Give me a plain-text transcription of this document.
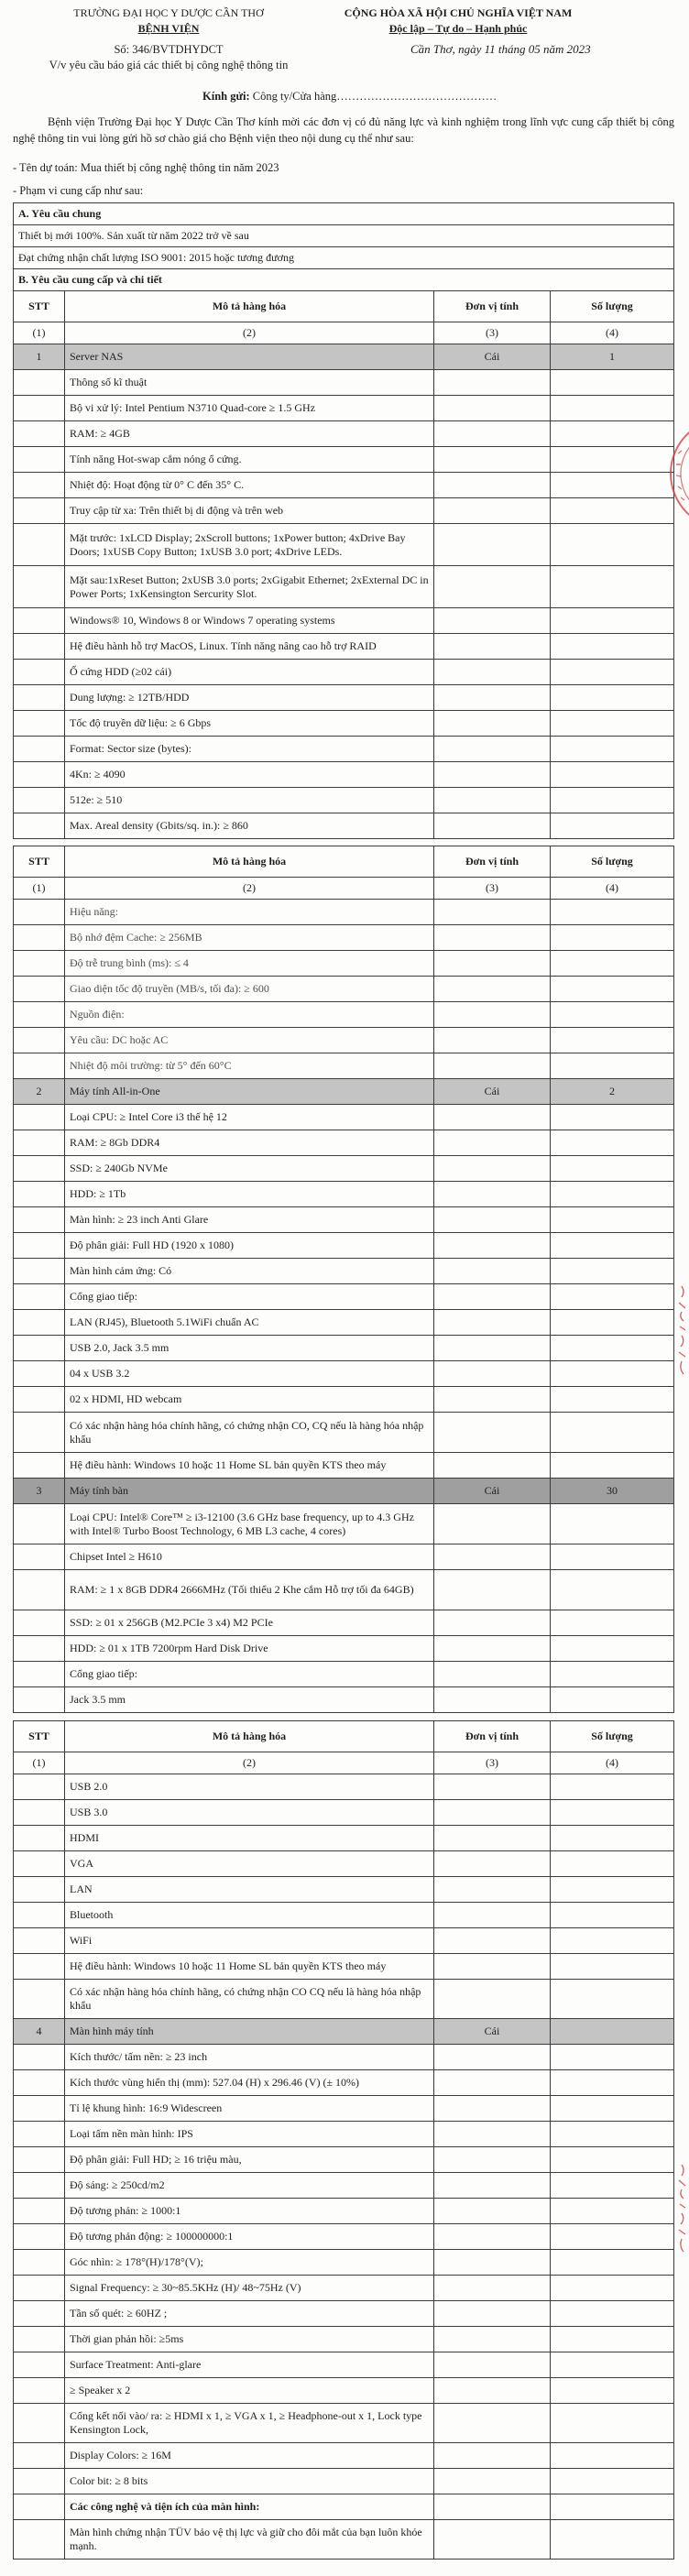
TRƯỜNG ĐẠI HỌC Y DƯỢC CẦN THƠ
BỆNH VIỆN
Số: 346/BVTDHYDCT
V/v yêu cầu báo giá các thiết bị công nghệ thông tin
CỘNG HÒA XÃ HỘI CHỦ NGHĨA VIỆT NAM
Độc lập – Tự do – Hạnh phúc
Cần Thơ, ngày 11 tháng 05 năm 2023
Kính gửi: Công ty/Cửa hàng……………………………………

Bệnh viện Trường Đại học Y Dược Cần Thơ kính mời các đơn vị có đủ năng lực và kinh nghiệm trong lĩnh vực cung cấp thiết bị công nghệ thông tin vui lòng gửi hồ sơ chào giá cho Bệnh viện theo nội dung cụ thể như sau:

- Tên dự toán: Mua thiết bị công nghệ thông tin năm 2023
- Phạm vi cung cấp như sau:
A. Yêu cầu chung
Thiết bị mới 100%. Sản xuất từ năm 2022 trở về sau
Đạt chứng nhận chất lượng ISO 9001: 2015 hoặc tương đương
B. Yêu cầu cung cấp và chi tiết
STT	Mô tả hàng hóa	Đơn vị tính	Số lượng
(1)	(2)	(3)	(4)
1	Server NAS	Cái	1
Thông số kĩ thuật
Bộ vi xử lý: Intel Pentium N3710 Quad-core ≥ 1.5 GHz
RAM: ≥ 4GB
Tính năng Hot-swap cắm nóng ổ cứng.
Nhiệt độ: Hoạt động từ 0° C đến 35° C.
Truy cập từ xa: Trên thiết bị di động và trên web
Mặt trước: 1xLCD Display; 2xScroll buttons; 1xPower button; 4xDrive Bay Doors; 1xUSB Copy Button; 1xUSB 3.0 port; 4xDrive LEDs.
Mặt sau:1xReset Button; 2xUSB 3.0 ports; 2xGigabit Ethernet; 2xExternal DC in Power Ports; 1xKensington Sercurity Slot.
Windows® 10, Windows 8 or Windows 7 operating systems
Hệ điều hành hỗ trợ MacOS, Linux. Tính năng nâng cao hỗ trợ RAID
Ổ cứng HDD (≥02 cái)
Dung lượng: ≥ 12TB/HDD
Tốc độ truyền dữ liệu: ≥ 6 Gbps
Format: Sector size (bytes):
4Kn: ≥ 4090
512e: ≥ 510
Max. Areal density (Gbits/sq. in.): ≥ 860
STT	Mô tả hàng hóa	Đơn vị tính	Số lượng
(1)	(2)	(3)	(4)
Hiệu năng:
Bộ nhớ đệm Cache: ≥ 256MB
Độ trễ trung bình (ms): ≤ 4
Giao diện tốc độ truyền (MB/s, tối đa): ≥ 600
Nguồn điện:
Yêu cầu: DC hoặc AC
Nhiệt độ môi trường: từ 5° đến 60°C
2	Máy tính All-in-One	Cái	2
Loại CPU: ≥ Intel Core i3 thế hệ 12
RAM: ≥ 8Gb DDR4
SSD: ≥ 240Gb NVMe
HDD: ≥ 1Tb
Màn hình: ≥ 23 inch Anti Glare
Độ phân giải: Full HD (1920 x 1080)
Màn hình cảm ứng: Có
Cổng giao tiếp:
LAN (RJ45), Bluetooth 5.1WiFi chuẩn AC
USB 2.0, Jack 3.5 mm
04 x USB 3.2
02 x HDMI, HD webcam
Có xác nhận hàng hóa chính hãng, có chứng nhận CO, CQ nếu là hàng hóa nhập khẩu
Hệ điều hành: Windows 10 hoặc 11 Home SL bản quyền KTS theo máy
3	Máy tính bàn	Cái	30
Loại CPU: Intel® Core™ ≥ i3-12100 (3.6 GHz base frequency, up to 4.3 GHz with Intel® Turbo Boost Technology, 6 MB L3 cache, 4 cores)
Chipset Intel ≥ H610
RAM: ≥ 1 x 8GB DDR4 2666MHz (Tối thiểu 2 Khe cắm Hỗ trợ tối đa 64GB)
SSD: ≥ 01 x 256GB (M2.PCIe 3 x4) M2 PCIe
HDD: ≥ 01 x 1TB 7200rpm Hard Disk Drive
Cổng giao tiếp:
Jack 3.5 mm
STT	Mô tả hàng hóa	Đơn vị tính	Số lượng
(1)	(2)	(3)	(4)
USB 2.0
USB 3.0
HDMI
VGA
LAN
Bluetooth
WiFi
Hệ điều hành: Windows 10 hoặc 11 Home SL bản quyền KTS theo máy
Có xác nhận hàng hóa chính hãng, có chứng nhận CO CQ nếu là hàng hóa nhập khẩu
4	Màn hình máy tính	Cái
Kích thước/ tấm nền: ≥ 23 inch
Kích thước vùng hiển thị (mm): 527.04 (H) x 296.46 (V) (± 10%)
Tỉ lệ khung hình: 16:9 Widescreen
Loại tấm nền màn hình: IPS
Độ phân giải: Full HD; ≥ 16 triệu màu,
Độ sáng: ≥ 250cd/m2
Độ tương phản: ≥ 1000:1
Độ tương phản động: ≥ 100000000:1
Góc nhìn: ≥ 178°(H)/178°(V);
Signal Frequency: ≥ 30~85.5KHz (H)/ 48~75Hz (V)
Tần số quét: ≥ 60HZ ;
Thời gian phản hồi: ≥5ms
Surface Treatment: Anti-glare
≥ Speaker x 2
Cổng kết nối vào/ ra: ≥ HDMI x 1, ≥ VGA x 1, ≥ Headphone-out x 1, Lock type Kensington Lock,
Display Colors: ≥ 16M
Color bit: ≥ 8 bits
Các công nghệ và tiện ích của màn hình:
Màn hình chứng nhận TÜV bảo vệ thị lực và giữ cho đôi mắt của bạn luôn khỏe mạnh.
